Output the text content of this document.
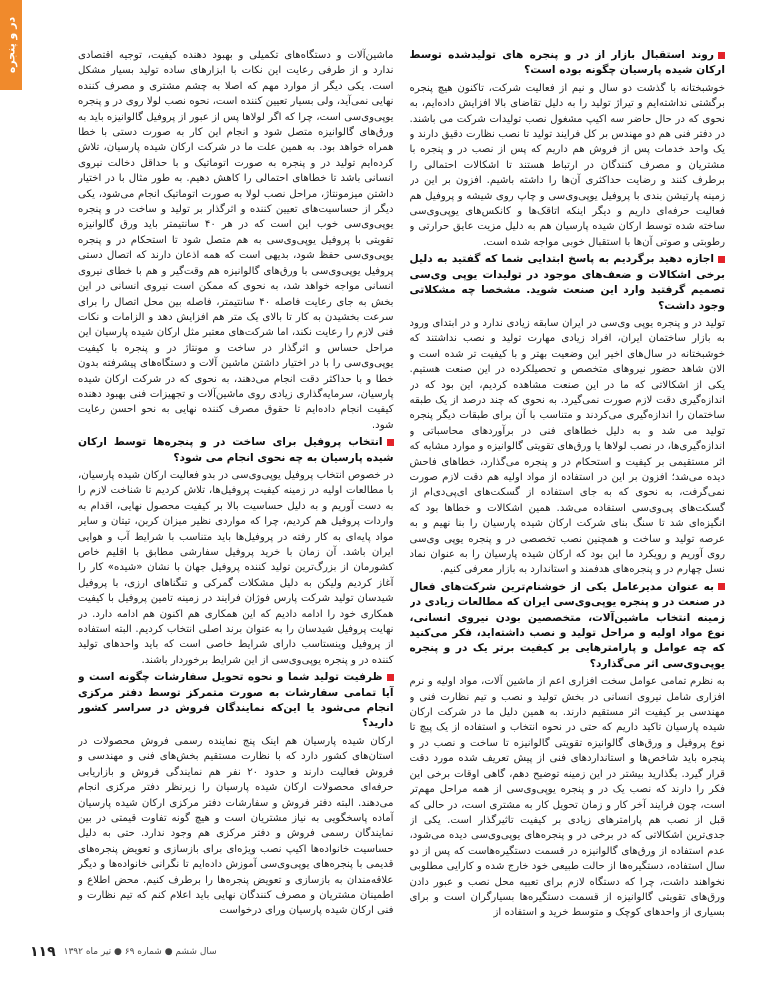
در و پنجره	روند استقبال بازار از در و پنجره های تولیدشده توسط ارکان شیده پارسیان چگونه بوده است؟

خوشبختانه با گذشت دو سال و نیم از فعالیت شرکت، تاکنون هیچ پنجره برگشتی نداشته‌ایم و تیراژ تولید را به دلیل تقاضای بالا افزایش داده‌ایم، به نحوی که در حال حاضر سه اکیپ مشغول نصب تولیدات شرکت می باشند. در دفتر فنی هم دو مهندس بر کل فرایند تولید تا نصب نظارت دقیق دارند و یک واحد خدمات پس از فروش هم داریم که پس از نصب در و پنجره با مشتریان و مصرف کنندگان در ارتباط هستند تا اشکالات احتمالی را برطرف کنند و رضایت حداکثری آن‌ها را داشته باشیم. افزون بر این در زمینه پارتیشن بندی با پروفیل یوپی‌وی‌سی و چاپ روی شیشه و پروفیل هم فعالیت حرفه‌ای داریم و دیگر اینکه اتاقک‌ها و کانکس‌های یوپی‌وی‌سی ساخته شده توسط ارکان شیده پارسیان هم به دلیل مزیت عایق حرارتی و رطوبتی و صوتی آن‌ها با استقبال خوبی مواجه شده است.

اجازه دهید برگردیم به پاسخ ابتدایی شما که گفتید به دلیل برخی اشکالات و ضعف‌های موجود در تولیدات یوپی وی‌سی تصمیم گرفتید وارد این صنعت شوید. مشخصا چه مشکلاتی وجود داشت؟

تولید در و پنجره یوپی وی‌سی در ایران سابقه زیادی ندارد و در ابتدای ورود به بازار ساختمان ایران، افراد زیادی مهارت تولید و نصب نداشتند که خوشبختانه در سال‌های اخیر این وضعیت بهتر و با کیفیت تر شده است و الان شاهد حضور نیروهای متخصص و تحصیلکرده در این صنعت هستیم. یکی از اشکالاتی که ما در این صنعت مشاهده کردیم، این بود که در اندازه‌گیری دقت لازم صورت نمی‌گیرد. به نحوی که چند درصد از یک طبقه ساختمان را اندازه‌گیری می‌کردند و متناسب با آن برای طبقات دیگر پنجره تولید می شد و به دلیل خطاهای فنی در برآوردهای محاسباتی و اندازه‌گیری‌ها، در نصب لولاها یا ورق‌های تقویتی گالوانیزه و موارد مشابه که اثر مستقیمی بر کیفیت و استحکام در و پنجره می‌گذارد، خطاهای فاحش دیده می‌شد؛ افزون بر این در استفاده از مواد اولیه هم دقت لازم صورت نمی‌گرفت، به نحوی که به جای استفاده از گسکت‌های ای‌پی‌دی‌ام از گسکت‌های پی‌وی‌سی استفاده می‌شد. همین اشکالات و خطاها بود که انگیزه‌ای شد تا سنگ بنای شرکت ارکان شیده پارسیان را بنا نهیم و به عرصه تولید و ساخت و همچنین نصب تخصصی در و پنجره یوپی وی‌سی روی آوریم و رویکرد ما این بود که ارکان شیده پارسیان را به عنوان نماد نسل چهارم در و پنجره‌های هدفمند و استاندارد به بازار معرفی کنیم.

به عنوان مدیرعامل یکی از خوشنام‌ترین شرکت‌های فعال در صنعت در و پنجره یوپی‌وی‌سی ایران که مطالعات زیادی در زمینه انتخاب ماشین‌آلات، متخصصین بودن نیروی انسانی، نوع مواد اولیه و مراحل تولید و نصب داشته‌اید، فکر می‌کنید که چه عوامل و پارامترهایی بر کیفیت برتر یک در و پنجره یوپی‌وی‌سی اثر می‌گذارد؟

به نظرم تمامی عوامل سخت افزاری اعم از ماشین آلات، مواد اولیه و نرم افزاری شامل نیروی انسانی در بخش تولید و نصب و تیم نظارت فنی و مهندسی بر کیفیت اثر مستقیم دارند. به همین دلیل ما در شرکت ارکان شیده پارسیان تاکید داریم که حتی در نحوه انتخاب و استفاده از یک پیچ تا نوع پروفیل و ورق‌های گالوانیزه تقویتی گالوانیزه تا ساخت و نصب در و پنجره باید شاخص‌ها و استانداردهای فنی از پیش تعریف شده مورد دقت قرار گیرد. بگذارید بیشتر در این زمینه توضیح دهم، گاهی اوقات برخی این فکر را دارند که نصب یک در و پنجره یوپی‌وی‌سی از همه مراحل مهم‌تر است، چون فرایند آخر کار و زمان تحویل کار به مشتری است، در حالی که قبل از نصب هم پارامترهای زیادی بر کیفیت تاثیرگذار است. یکی از جدی‌ترین اشکالاتی که در برخی در و پنجره‌های یوپی‌وی‌سی دیده می‌شود، عدم استفاده از ورق‌های گالوانیزه در قسمت دستگیره‌هاست که پس از دو سال استفاده، دستگیره‌ها از حالت طبیعی خود خارج شده و کارایی مطلوبی نخواهند داشت، چرا که دستگاه لازم برای تعبیه محل نصب و عبور دادن ورق‌های تقویتی گالوانیزه از قسمت دستگیره‌ها بسیارگران است و برای بسیاری از واحدهای کوچک و متوسط خرید و استفاده از

ماشین‌آلات و دستگاه‌های تکمیلی و بهبود دهنده کیفیت، توجیه اقتصادی ندارد و از طرفی رعایت این نکات با ابزارهای ساده تولید بسیار مشکل است. یکی دیگر از موارد مهم که اصلا به چشم مشتری و مصرف کننده نهایی نمی‌آید، ولی بسیار تعیین کننده است، نحوه نصب لولا روی در و پنجره یوپی‌وی‌سی است، چرا که اگر لولاها پس از عبور از پروفیل گالوانیزه باید به ورق‌های گالوانیزه متصل شود و انجام این کار به صورت دستی با خطا همراه خواهد بود. به همین علت ما در شرکت ارکان شیده پارسیان، تلاش کرده‌ایم تولید در و پنجره به صورت اتوماتیک و با حداقل دخالت نیروی انسانی باشد تا خطاهای احتمالی را کاهش دهیم. به طور مثال با در اختیار داشتن میزمونتاژ، مراحل نصب لولا به صورت اتوماتیک انجام می‌شود، یکی دیگر از حساسیت‌های تعیین کننده و اثرگذار بر تولید و ساخت در و پنجره یوپی‌وی‌سی خوب این است که در هر ۴۰ سانتیمتر باید ورق گالوانیزه تقویتی با پروفیل یوپی‌وی‌سی به هم متصل شود تا استحکام در و پنجره یوپی‌وی‌سی حفظ شود، بدیهی است که همه اذعان دارند که اتصال دستی پروفیل یوپی‌وی‌سی با ورق‌های گالوانیزه هم وقت‌گیر و هم با خطای نیروی انسانی مواجه خواهد شد، به نحوی که ممکن است نیروی انسانی در این بخش به جای رعایت فاصله ۴۰ سانتیمتر، فاصله بین محل اتصال را برای سرعت بخشیدن به کار تا بالای یک متر هم افزایش دهد و الزامات و نکات فنی لازم را رعایت نکند، اما شرکت‌های معتبر مثل ارکان شیده پارسیان این مراحل حساس و اثرگذار در ساخت و مونتاژ در و پنجره با کیفیت یوپی‌وی‌سی را با در اختیار داشتن ماشین آلات و دستگاه‌های پیشرفته بدون خطا و با حداکثر دقت انجام می‌دهند، به نحوی که در شرکت ارکان شیده پارسیان، سرمایه‌گذاری زیادی روی ماشین‌آلات و تجهیزات فنی بهبود دهنده کیفیت انجام داده‌ایم تا حقوق مصرف کننده نهایی به نحو احسن رعایت شود.

انتخاب پروفیل برای ساخت در و پنجره‌ها توسط ارکان شیده پارسیان به چه نحوی انجام می شود؟

در خصوص انتخاب پروفیل یوپی‌وی‌سی در بدو فعالیت ارکان شیده پارسیان، با مطالعات اولیه در زمینه کیفیت پروفیل‌ها، تلاش کردیم تا شناخت لازم را به دست آوریم و به دلیل حساسیت بالا بر کیفیت محصول نهایی، اقدام به واردات پروفیل هم کردیم، چرا که مواردی نظیر میزان کربن، تیتان و سایر مواد پایه‌ای به کار رفته در پروفیل‌ها باید متناسب با شرایط آب و هوایی ایران باشد. آن زمان با خرید پروفیل سفارشی مطابق با اقلیم خاص کشورمان از بزرگ‌ترین تولید کننده پروفیل جهان با نشان «شیده» کار را آغاز کردیم ولیکن به دلیل مشکلات گمرکی و تنگناهای ارزی، با پروفیل شیدسان تولید شرکت پارس فوژان فرایند در زمینه تامین پروفیل با کیفیت همکاری خود را ادامه دادیم که این همکاری هم اکنون هم ادامه دارد. در نهایت پروفیل شیدسان را به عنوان برند اصلی انتخاب کردیم. البته استفاده از پروفیل وینستاسب دارای شرایط خاصی است که باید واحدهای تولید کننده در و پنجره یوپی‌وی‌سی از این شرایط برخوردار باشند.

ظرفیت تولید شما و نحوه تحویل سفارشات چگونه است و آیا تمامی سفارشات به صورت متمرکز توسط دفتر مرکزی انجام می‌شود یا این‌که نمایندگان فروش در سراسر کشور دارید؟

ارکان شیده پارسیان هم اینک پنج نماینده رسمی فروش محصولات در استان‌های کشور دارد که با نظارت مستقیم بخش‌های فنی و مهندسی و فروش فعالیت دارند و حدود ۲۰ نفر هم نمایندگی فروش و بازاریابی حرفه‌ای محصولات ارکان شیده پارسیان را زیرنظر دفتر مرکزی انجام می‌دهند. البته دفتر فروش و سفارشات دفتر مرکزی ارکان شیده پارسیان آماده پاسخگویی به نیاز مشتریان است و هیچ گونه تفاوت قیمتی در بین نمایندگان رسمی فروش و دفتر مرکزی هم وجود ندارد. حتی به دلیل حساسیت خانواده‌ها اکیپ نصب ویژه‌ای برای بازسازی و تعویض پنجره‌های قدیمی با پنجره‌های یوپی‌وی‌سی آموزش داده‌ایم تا نگرانی خانواده‌ها و دیگر علاقه‌مندان به بازسازی و تعویض پنجره‌ها را برطرف کنیم. محض اطلاع و اطمینان مشتریان و مصرف کنندگان نهایی باید اعلام کنم که تیم نظارت و فنی ارکان شیده پارسیان ورای درخواست

۱۱۹ سال ششم ● شماره ۶۹ ● تیر ماه ۱۳۹۲
